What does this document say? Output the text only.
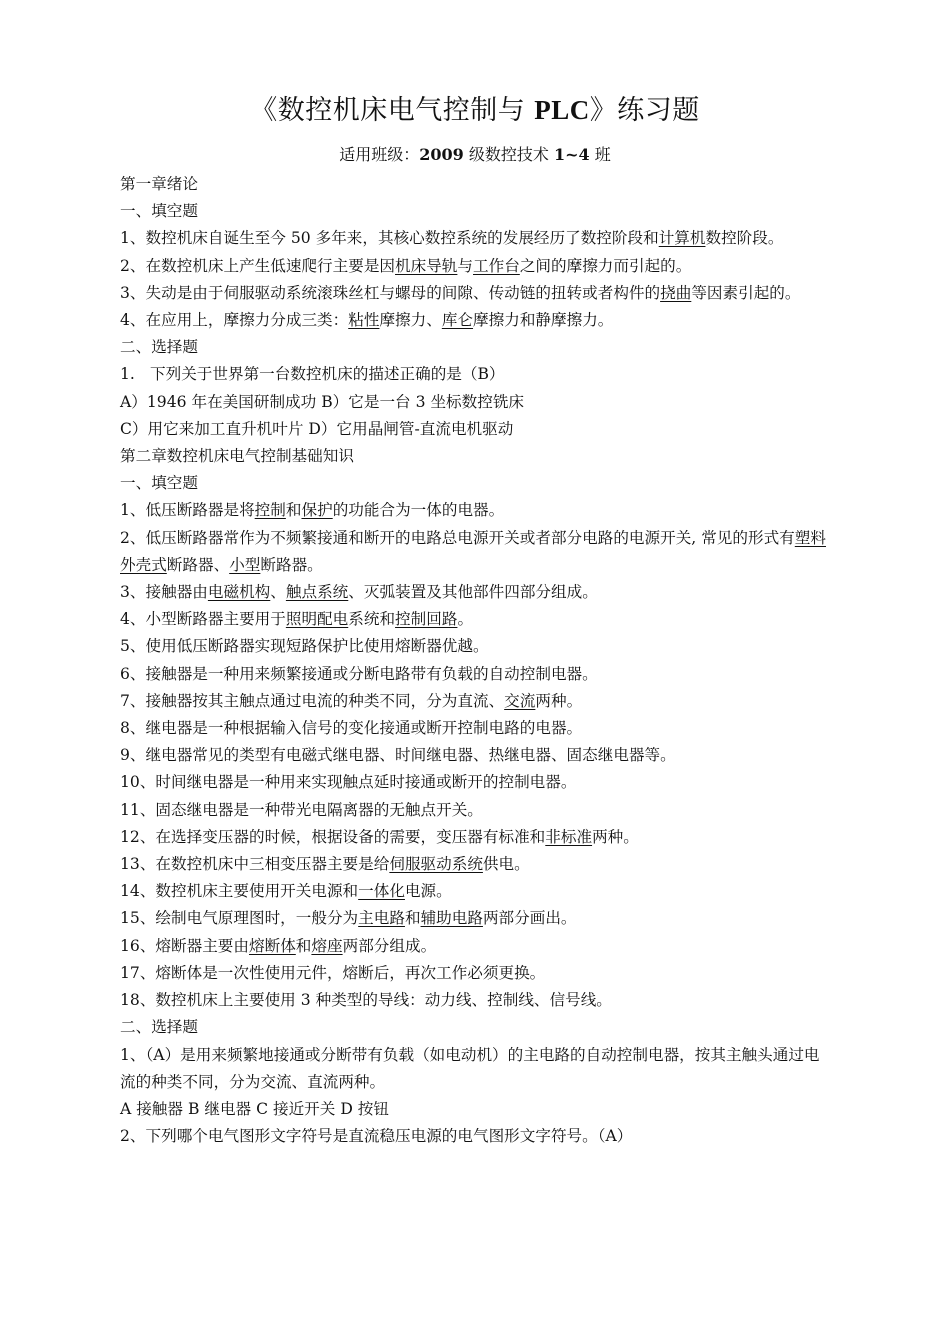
《数控机床电气控制与 PLC》练习题
适用班级：2009 级数控技术 1~4 班

第一章绪论

一、填空题

1、数控机床自诞生至今 50 多年来，其核心数控系统的发展经历了数控阶段和计算机数控阶段。

2、在数控机床上产生低速爬行主要是因机床导轨与工作台之间的摩擦力而引起的。

3、失动是由于伺服驱动系统滚珠丝杠与螺母的间隙、传动链的扭转或者构件的挠曲等因素引起的。

4、在应用上，摩擦力分成三类：粘性摩擦力、库仑摩擦力和静摩擦力。

二、选择题

1. 下列关于世界第一台数控机床的描述正确的是（B）

A）1946 年在美国研制成功 B）它是一台 3 坐标数控铣床

C）用它来加工直升机叶片 D）它用晶闸管-直流电机驱动

第二章数控机床电气控制基础知识

一、填空题

1、低压断路器是将控制和保护的功能合为一体的电器。

2、低压断路器常作为不频繁接通和断开的电路总电源开关或者部分电路的电源开关, 常见的形式有塑料外壳式断路器、小型断路器。

3、接触器由电磁机构、触点系统、灭弧装置及其他部件四部分组成。

4、小型断路器主要用于照明配电系统和控制回路。

5、使用低压断路器实现短路保护比使用熔断器优越。

6、接触器是一种用来频繁接通或分断电路带有负载的自动控制电器。

7、接触器按其主触点通过电流的种类不同，分为直流、交流两种。

8、继电器是一种根据输入信号的变化接通或断开控制电路的电器。

9、继电器常见的类型有电磁式继电器、时间继电器、热继电器、固态继电器等。

10、时间继电器是一种用来实现触点延时接通或断开的控制电器。

11、固态继电器是一种带光电隔离器的无触点开关。

12、在选择变压器的时候，根据设备的需要，变压器有标准和非标准两种。

13、在数控机床中三相变压器主要是给伺服驱动系统供电。

14、数控机床主要使用开关电源和一体化电源。

15、绘制电气原理图时，一般分为主电路和辅助电路两部分画出。

16、熔断器主要由熔断体和熔座两部分组成。

17、熔断体是一次性使用元件，熔断后，再次工作必须更换。

18、数控机床上主要使用 3 种类型的导线：动力线、控制线、信号线。

二、选择题

1、（A）是用来频繁地接通或分断带有负载（如电动机）的主电路的自动控制电器，按其主触头通过电流的种类不同，分为交流、直流两种。

A 接触器 B 继电器 C 接近开关 D 按钮

2、下列哪个电气图形文字符号是直流稳压电源的电气图形文字符号。（A）
